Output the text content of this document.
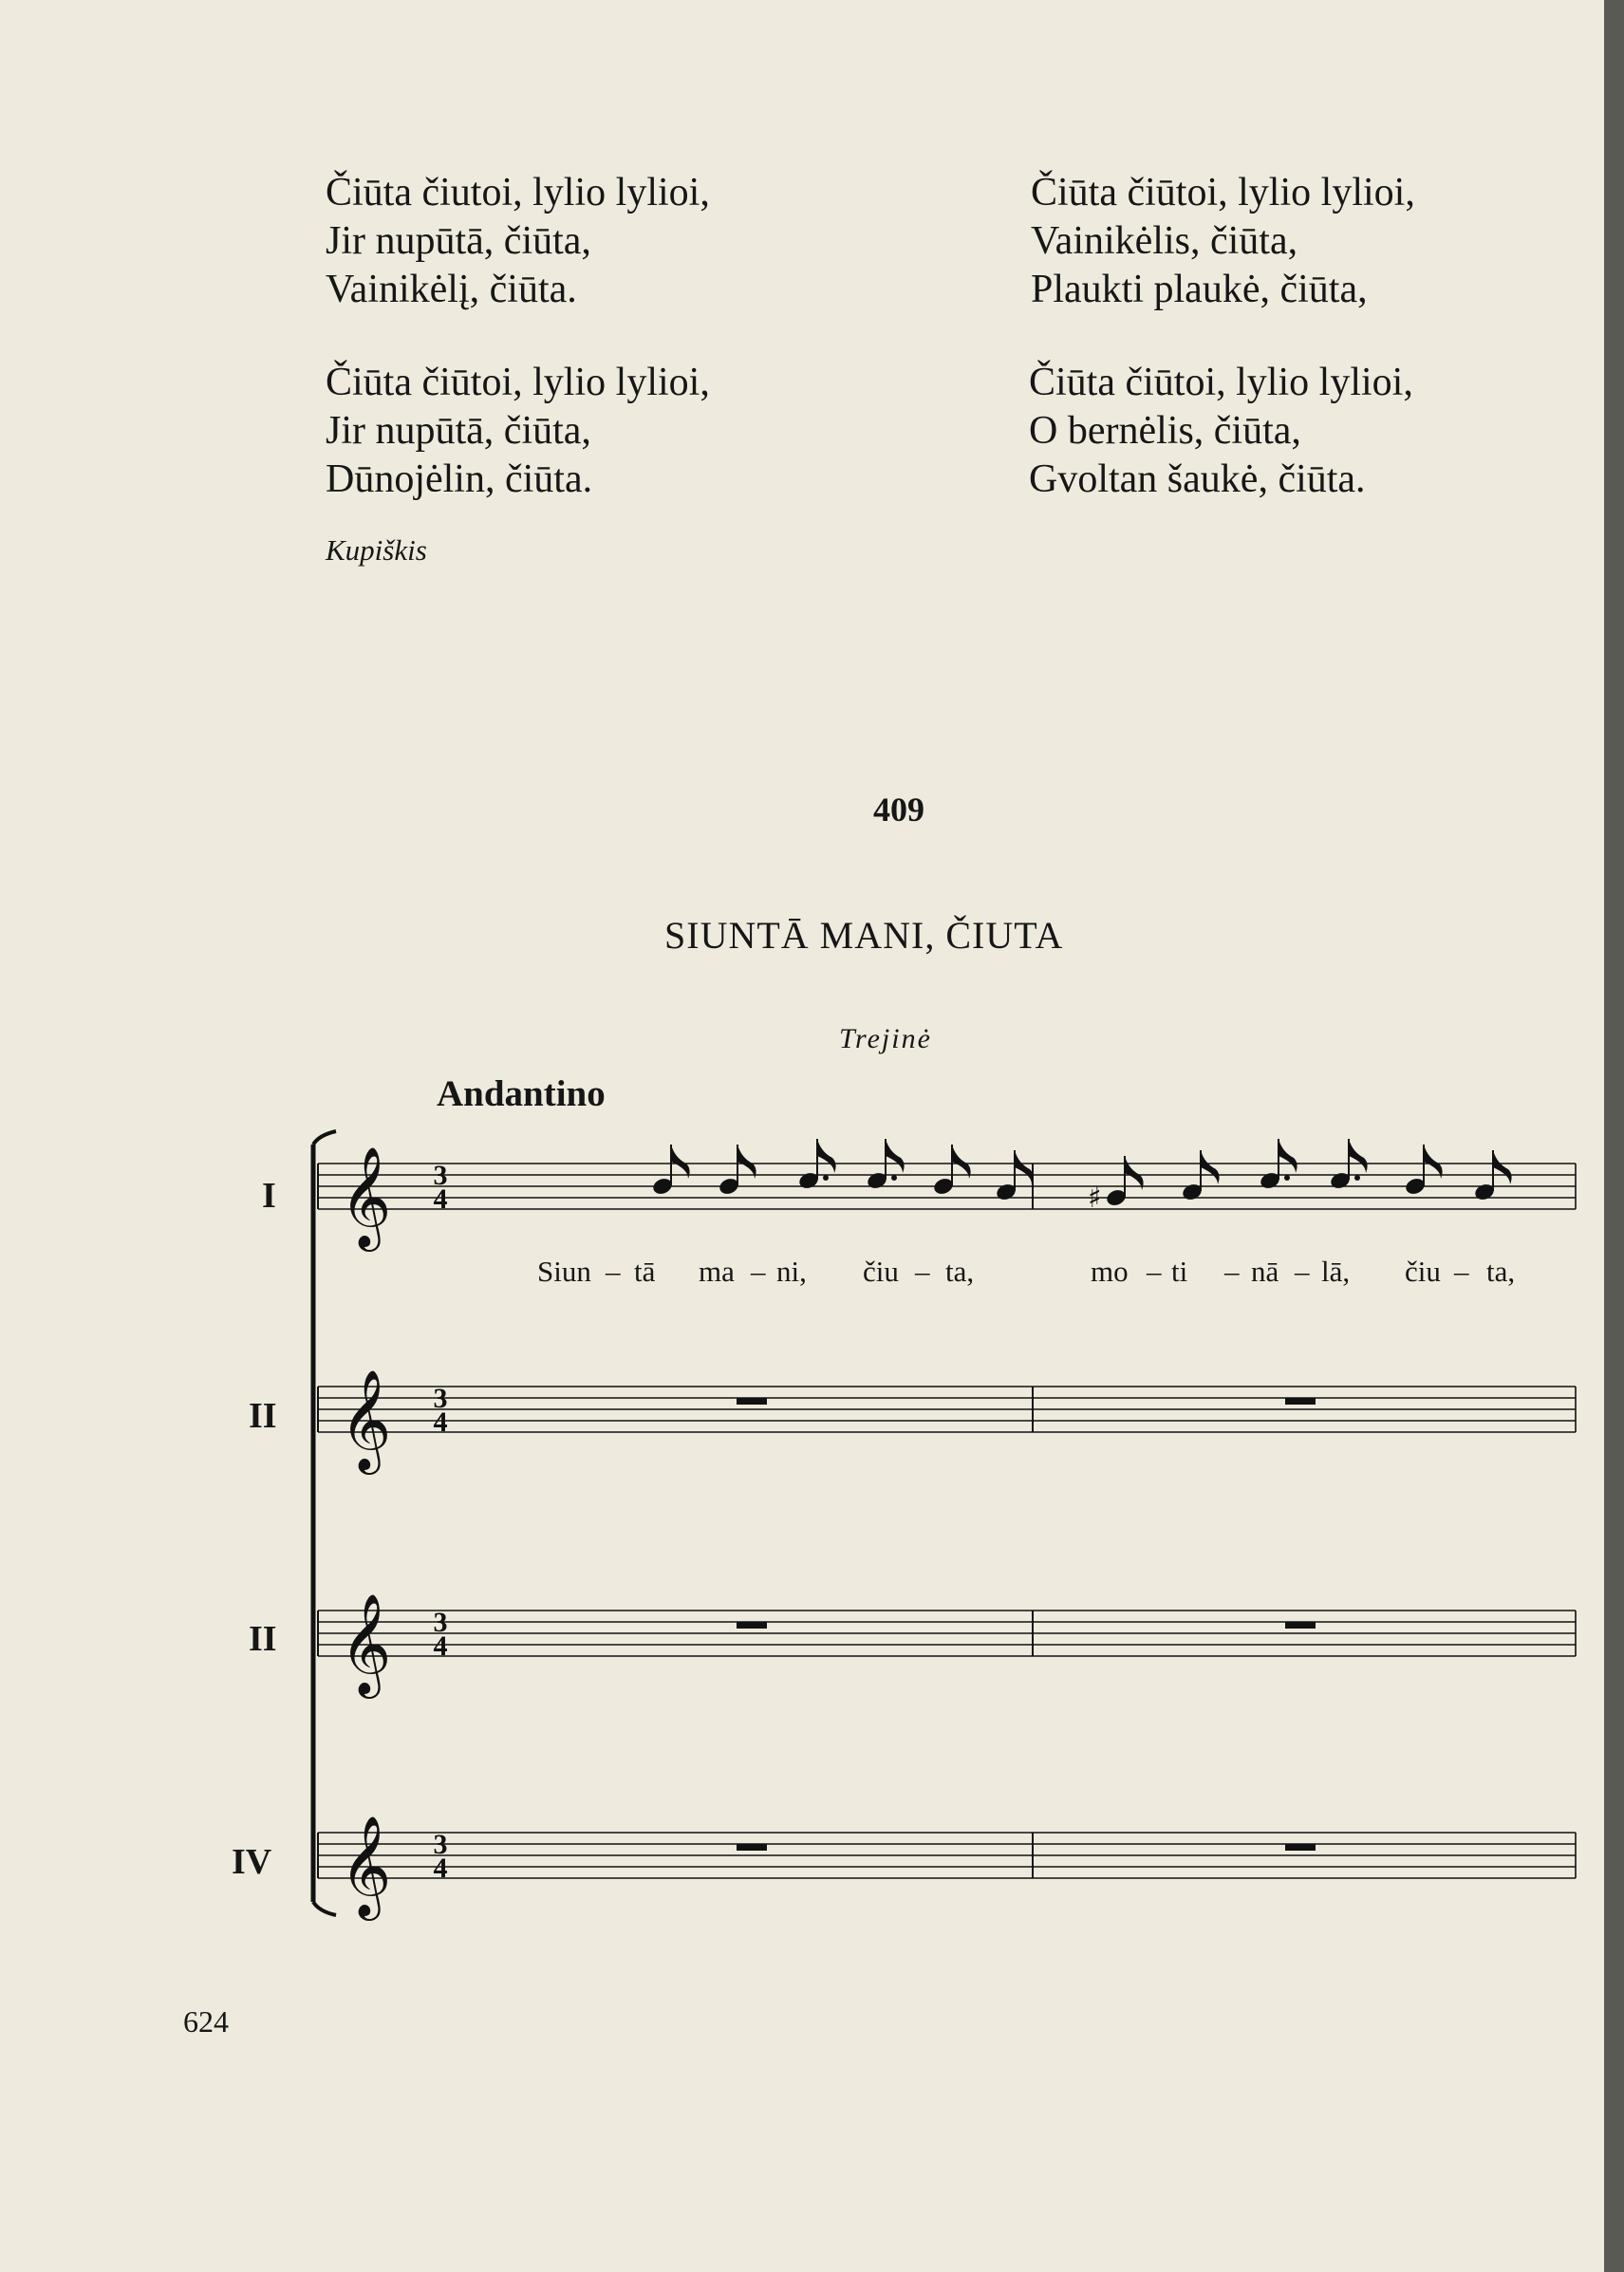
Čiūta čiutoi, lylio lylioi,
Jir nupūtā, čiūta,
Vainikėlį, čiūta.
Čiūta čiūtoi, lylio lylioi,
Jir nupūtā, čiūta,
Dūnojėlin, čiūta.
Čiūta čiūtoi, lylio lylioi,
Vainikėlis, čiūta,
Plaukti plaukė, čiūta,
Čiūta čiūtoi, lylio lylioi,
O bernėlis, čiūta,
Gvoltan šaukė, čiūta.
Kupiškis
409
SIUNTĀ MANI, ČIUTA
Trejinė
Andantino
I
II
II
IV
Siun – tā ma – ni, čiu – ta,	mo – ti – nā – lā, čiu – ta,
𝄞 3
4
𝄞 3
4
𝄞 3
4
𝄞 3
4
♯
624
